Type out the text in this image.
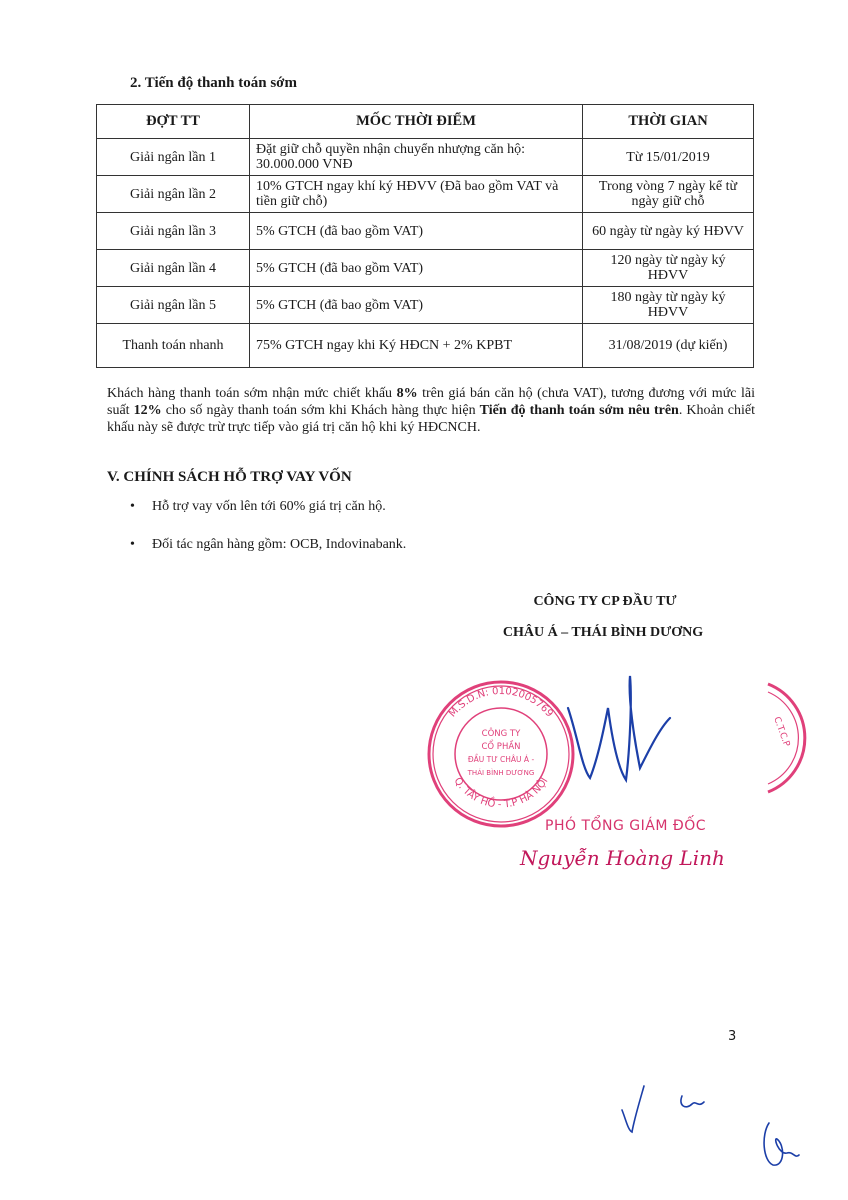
2. Tiến độ thanh toán sớm
ĐỢT TT	MỐC THỜI ĐIỂM	THỜI GIAN
Giải ngân lần 1	Đặt giữ chỗ quyền nhận chuyển nhượng căn hộ: 30.000.000 VNĐ	Từ 15/01/2019
Giải ngân lần 2	10% GTCH ngay khí ký HĐVV (Đã bao gồm VAT và tiền giữ chỗ)	Trong vòng 7 ngày kể từ ngày giữ chỗ
Giải ngân lần 3	5% GTCH (đã bao gồm VAT)	60 ngày từ ngày ký HĐVV
Giải ngân lần 4	5% GTCH (đã bao gồm VAT)	120 ngày từ ngày ký HĐVV
Giải ngân lần 5	5% GTCH (đã bao gồm VAT)	180 ngày từ ngày ký HĐVV
Thanh toán nhanh	75% GTCH ngay khi Ký HĐCN + 2% KPBT	31/08/2019 (dự kiến)
Khách hàng thanh toán sớm nhận mức chiết khấu 8% trên giá bán căn hộ (chưa VAT), tương đương với mức lãi suất 12% cho số ngày thanh toán sớm khi Khách hàng thực hiện Tiến độ thanh toán sớm nêu trên. Khoản chiết khấu này sẽ được trừ trực tiếp vào giá trị căn hộ khi ký HĐCNCH.
V. CHÍNH SÁCH HỖ TRỢ VAY VỐN
• Hỗ trợ vay vốn lên tới 60% giá trị căn hộ.
• Đối tác ngân hàng gồm: OCB, Indovinabank.
CÔNG TY CP ĐẦU TƯ
CHÂU Á – THÁI BÌNH DƯƠNG
M.S.D.N: 0102005769
Q. TÂY HỒ - T.P HÀ NỘI
CÔNG TY
CỔ PHẦN
ĐẦU TƯ CHÂU Á -
THÁI BÌNH DƯƠNG
C.T.C.P
PHÓ TỔNG GIÁM ĐỐC
Nguyễn Hoàng Linh
3
